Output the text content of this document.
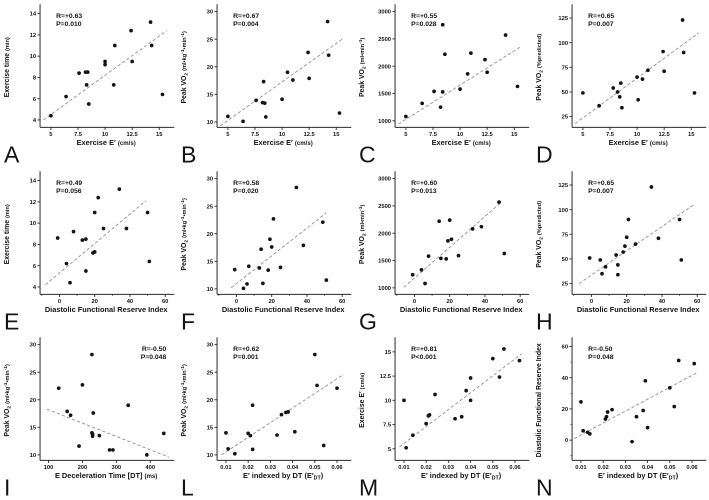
5	7.5	10	12.5	15
4
6
8
10
12
14	R=+0.63
P=0.010
Exercise E′ (cm/s)
Exercise time (min)
A
5	7.5	10	12.5	15
10
15
20
25
30
R=+0.67
P=0.004
Exercise E′ (cm/s)
Peak $VO_2$ ($ml•kg^{-1}_{•min}^{-1}_)$
B
5	7.5	10	12.5	15
1000
1500
2000
2500
3000
R=+0.55
P=0.028
Exercise E′ (cm/s)
Peak $VO_2$ ($ml•\min^{-1}_)$
C
5	7.5	10	12.5	15
25
50
75
100
125	R=+0.65
P=0.007
Exercise E′ (cm/s)
Peak $VO_2$ (%predicted)
D
0	20	40	60
4
6
8
10
12
14	R=+0.49
P=0.056
Diastolic Functional Reserve Index
Exercise time (min)
E
0	20	40	60
10
15
20
25
30
R=+0.58
P=0.020
Diastolic Functional Reserve Index
Peak $VO_2$ ($ml•kg^{-1}_{•min}^{-1}_)$
F
0	20	40	60
1000
1500
2000
2500
3000
R=+0.60
P=0.013
Diastolic Functional Reserve Index
Peak $VO_2$ ($ml•\min^{-1}_)$
G
0	20	40	60
25
50
75
100
125	R=+0.65
P=0.007
Diastolic Functional Reserve Index
Peak $VO_2$ (%predicted)
H
100	200	300	400
10
15
20
25
30
R=-0.50
P=0.048
E Deceleration Time [DT] (ms)
Peak $VO_2$ ($ml•kg^{-1}_{•min}^{-1}_)$
I
0.01 0.02 0.03 0.04 0.05 0.06
10
15
20
25
30
R=+0.62
P=0.001
E′ indexed by DT $(E'_{DT})$
Peak $VO_2$ ($ml•kg^{-1}_{•min}^{-1}_)$
L
0.01 0.02 0.03 0.04 0.05 0.06
5
7.5
10
12.5
15	R=+0.81
P<0.001
E′ indexed by DT $(E'_{DT})$
Exercise E′ (cm/s)
M
0.01 0.02 0.03 0.04 0.05 0.06
0
20
40
60	R=-0.50
P=0.048
E′ indexed by DT $(E'_{DT})$
Diastolic Functional Reserve Index
N
